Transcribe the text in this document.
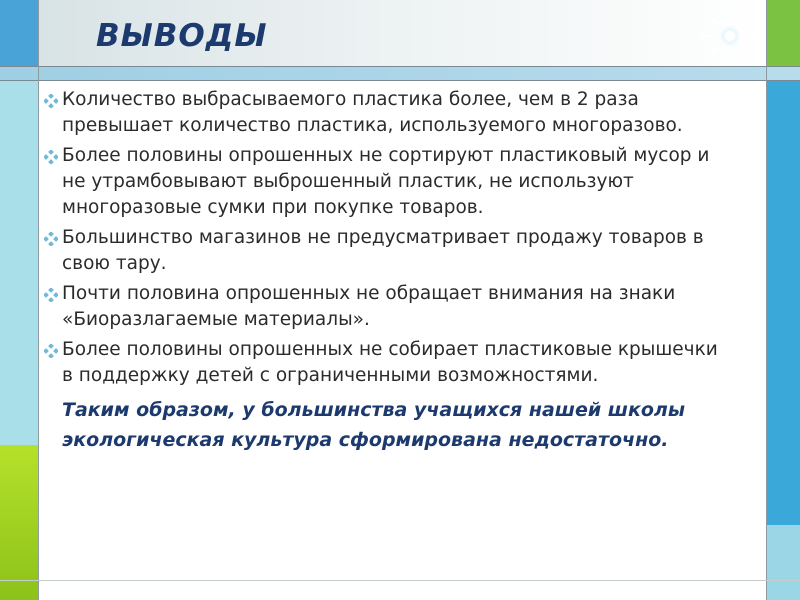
ВЫВОДЫ
Количество выбрасываемого пластика более, чем в 2 раза превышает количество пластика, используемого многоразово.
Более половины опрошенных не сортируют пластиковый мусор и не утрамбовывают выброшенный пластик, не используют многоразовые сумки при покупке товаров.
Большинство магазинов не предусматривает продажу товаров в свою тару.
Почти половина опрошенных не обращает внимания на знаки «Биоразлагаемые материалы».
Более половины опрошенных не собирает пластиковые крышечки в поддержку детей с ограниченными возможностями.

Таким образом, у большинства учащихся нашей школы экологическая культура сформирована недостаточно.
